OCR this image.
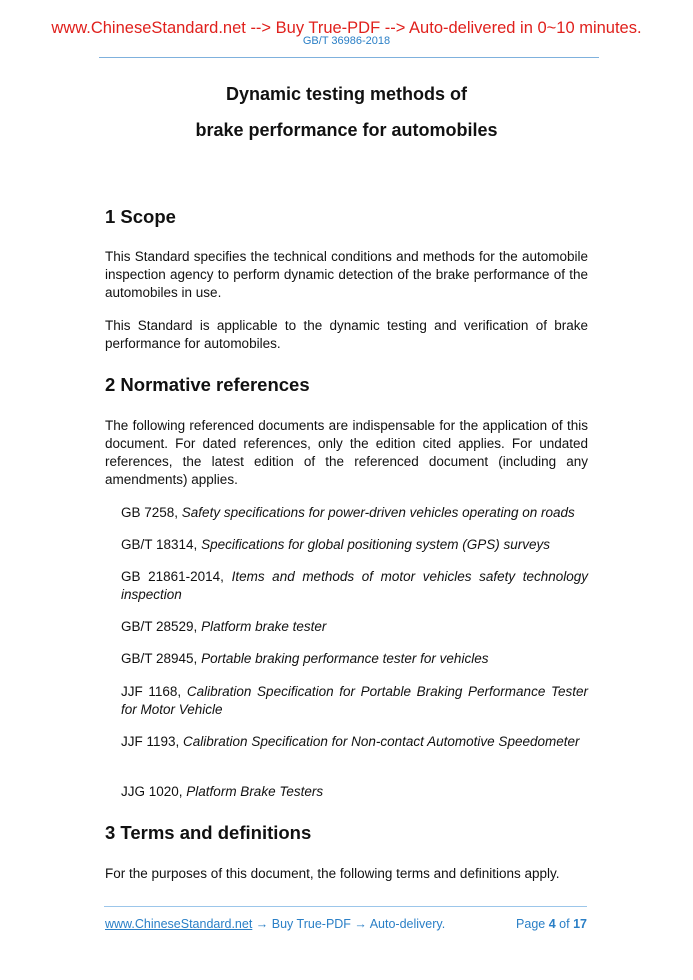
www.ChineseStandard.net --> Buy True-PDF --> Auto-delivered in 0~10 minutes.
GB/T 36986-2018
Dynamic testing methods of
brake performance for automobiles
1 Scope

This Standard specifies the technical conditions and methods for the automobile inspection agency to perform dynamic detection of the brake performance of the automobiles in use.

This Standard is applicable to the dynamic testing and verification of brake performance for automobiles.

2 Normative references

The following referenced documents are indispensable for the application of this document. For dated references, only the edition cited applies. For undated references, the latest edition of the referenced document (including any amendments) applies.

GB 7258, Safety specifications for power-driven vehicles operating on roads

GB/T 18314, Specifications for global positioning system (GPS) surveys

GB 21861-2014, Items and methods of motor vehicles safety technology inspection

GB/T 28529, Platform brake tester

GB/T 28945, Portable braking performance tester for vehicles

JJF 1168, Calibration Specification for Portable Braking Performance Tester for Motor Vehicle

JJF 1193, Calibration Specification for Non-contact Automotive Speedometer

JJG 1020, Platform Brake Testers

3 Terms and definitions

For the purposes of this document, the following terms and definitions apply.

www.ChineseStandard.net → Buy True-PDF → Auto-delivery.	Page 4 of 17
